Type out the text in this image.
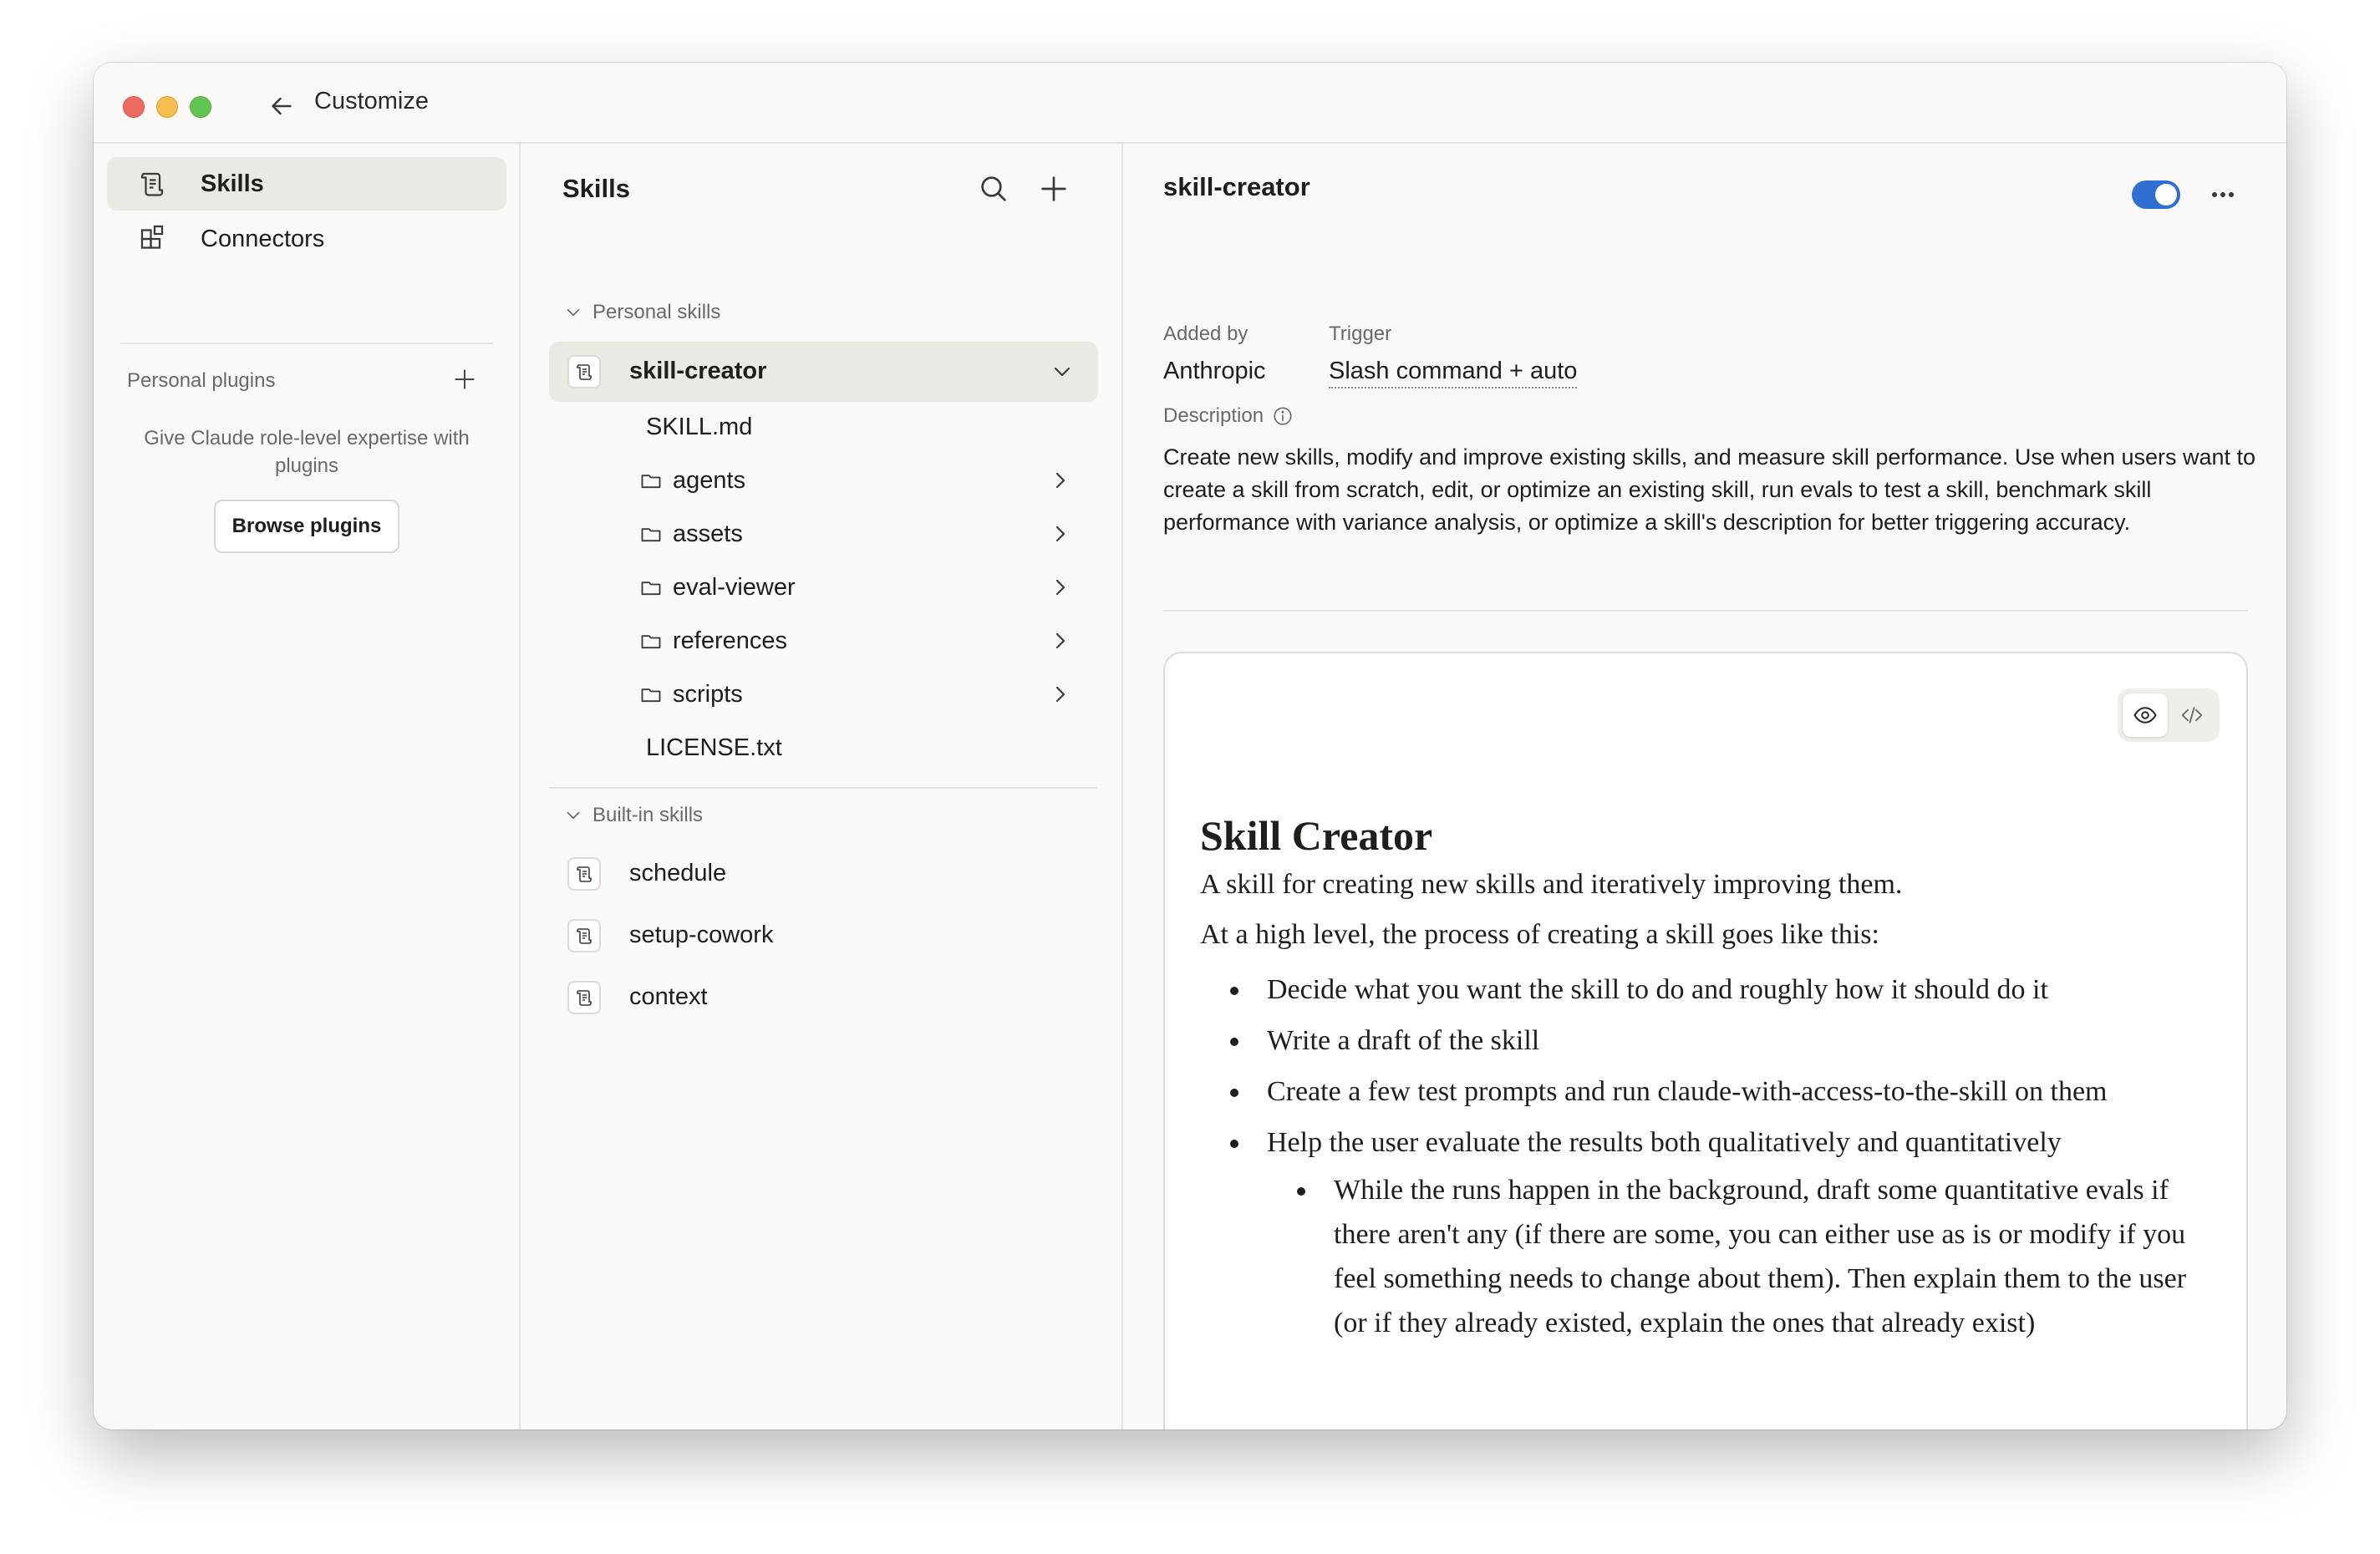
Customize
Skills
Connectors
Personal plugins
Give Claude role-level expertise with plugins
Browse plugins
Skills
Personal skills
skill-creator
SKILL.md
agents
assets
eval-viewer
references
scripts
LICENSE.txt
Built-in skills
schedule
setup-cowork
context
skill-creator
Added by	Trigger
Anthropic	Slash command + auto
Description
Create new skills, modify and improve existing skills, and measure skill performance. Use when users want to create a skill from scratch, edit, or optimize an existing skill, run evals to test a skill, benchmark skill performance with variance analysis, or optimize a skill's description for better triggering accuracy.
Skill Creator

A skill for creating new skills and iteratively improving them.

At a high level, the process of creating a skill goes like this:

Decide what you want the skill to do and roughly how it should do it
Write a draft of the skill
Create a few test prompts and run claude-with-access-to-the-skill on them
Help the user evaluate the results both qualitatively and quantitatively
While the runs happen in the background, draft some quantitative evals if there aren't any (if there are some, you can either use as is or modify if you feel something needs to change about them). Then explain them to the user (or if they already existed, explain the ones that already exist)
